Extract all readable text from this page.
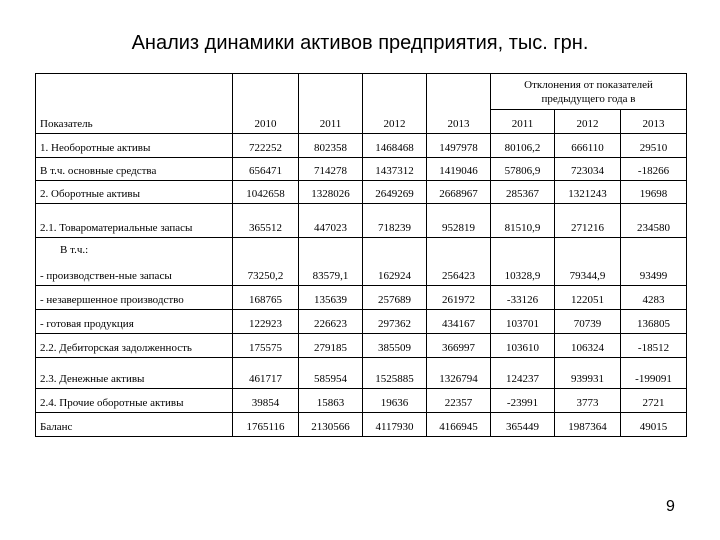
Анализ динамики активов предприятия, тыс. грн.
Показатель	2010	2011	2012	2013	Отклонения от показателей предыдущего года в		
					2011	2012	2013
1. Необоротные активы	722252	802358	1468468	1497978	80106,2	666110	29510
В т.ч. основные средства	656471	714278	1437312	1419046	57806,9	723034	-18266
2. Оборотные активы	1042658	1328026	2649269	2668967	285367	1321243	19698
2.1. Товароматериальные запасы	365512	447023	718239	952819	81510,9	271216	234580

В т.ч.:
- производствен-ные запасы	73250,2	83579,1	162924	256423	10328,9	79344,9	93499
- незавершенное производство	168765	135639	257689	261972	-33126	122051	4283
- готовая продукция	122923	226623	297362	434167	103701	70739	136805
2.2. Дебиторская задолженность	175575	279185	385509	366997	103610	106324	-18512
2.3. Денежные активы	461717	585954	1525885	1326794	124237	939931	-199091
2.4. Прочие оборотные активы	39854	15863	19636	22357	-23991	3773	2721
Баланс	1765116	2130566	4117930	4166945	365449	1987364	49015
9
